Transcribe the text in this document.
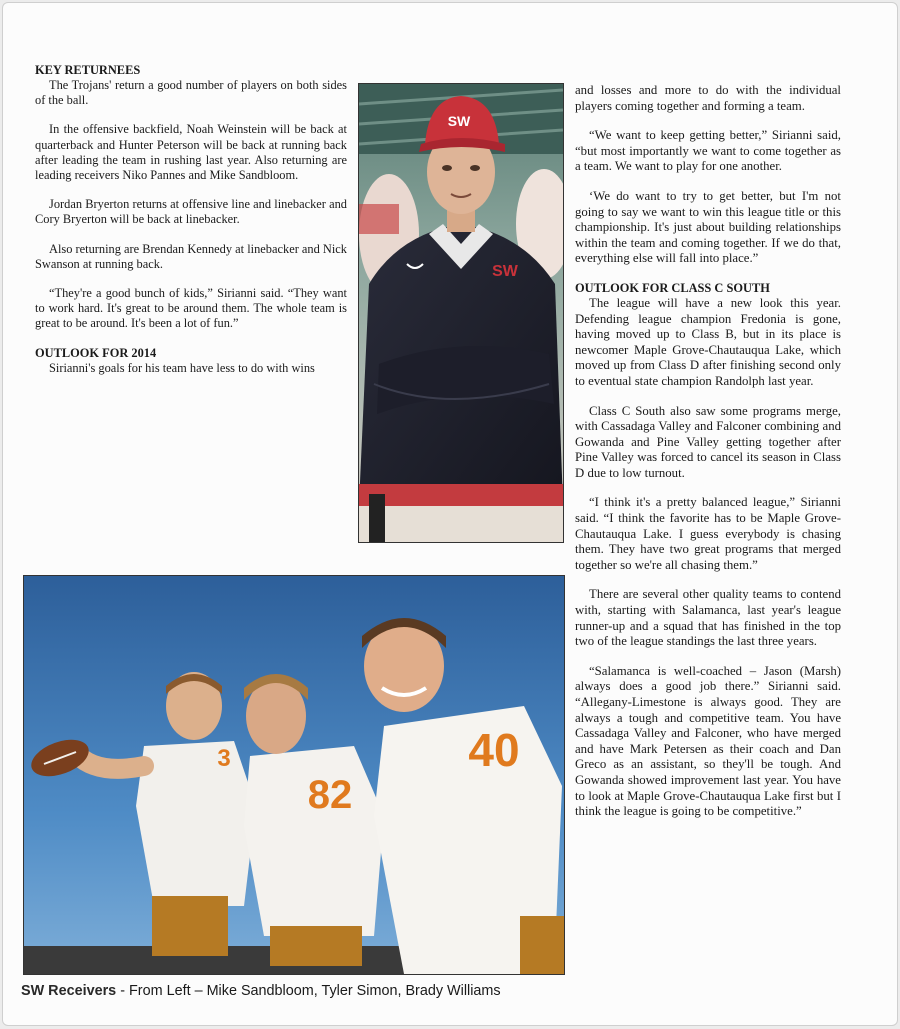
KEY RETURNEES

The Trojans' return a good number of players on both sides of the ball.

In the offensive backfield, Noah Weinstein will be back at quarterback and Hunter Peterson will be back at running back after leading the team in rushing last year. Also returning are leading receivers Niko Pannes and Mike Sandbloom.

Jordan Bryerton returns at offensive line and linebacker and Cory Bryerton will be back at linebacker.

Also returning are Brendan Kennedy at linebacker and Nick Swanson at running back.

“They're a good bunch of kids,” Sirianni said. “They want to work hard. It's great to be around them. The whole team is great to be around. It's been a lot of fun.”

OUTLOOK FOR 2014

Sirianni's goals for his team have less to do with wins

SW
SW

and losses and more to do with the individual players coming together and forming a team.

“We want to keep getting better,” Sirianni said, “but most importantly we want to come together as a team. We want to play for one another.

‘We do want to try to get better, but I'm not going to say we want to win this league title or this championship. It's just about building relationships within the team and coming together. If we do that, everything else will fall into place.”

OUTLOOK FOR CLASS C SOUTH

The league will have a new look this year. Defending league champion Fredonia is gone, having moved up to Class B, but in its place is newcomer Maple Grove-Chautauqua Lake, which moved up from Class D after finishing second only to eventual state champion Randolph last year.

Class C South also saw some programs merge, with Cassadaga Valley and Falconer combining and Gowanda and Pine Valley getting together after Pine Valley was forced to cancel its season in Class D due to low turnout.

“I think it's a pretty balanced league,” Sirianni said. “I think the favorite has to be Maple Grove-Chautauqua Lake. I guess everybody is chasing them. They have two great programs that merged together so we're all chasing them.”

There are several other quality teams to contend with, starting with Salamanca, last year's league runner-up and a squad that has finished in the top two of the league standings the last three years.

“Salamanca is well-coached – Jason (Marsh) always does a good job there.” Sirianni said. “Allegany-Limestone is always good. They are always a tough and competitive team. You have Cassadaga Valley and Falconer, who have merged and have Mark Petersen as their coach and Dan Greco as an assistant, so they'll be tough. And Gowanda showed improvement last year. You have to look at Maple Grove-Chautauqua Lake first but I think the league is going to be competitive.”

3
82
40
SW Receivers - From Left – Mike Sandbloom, Tyler Simon, Brady Williams
